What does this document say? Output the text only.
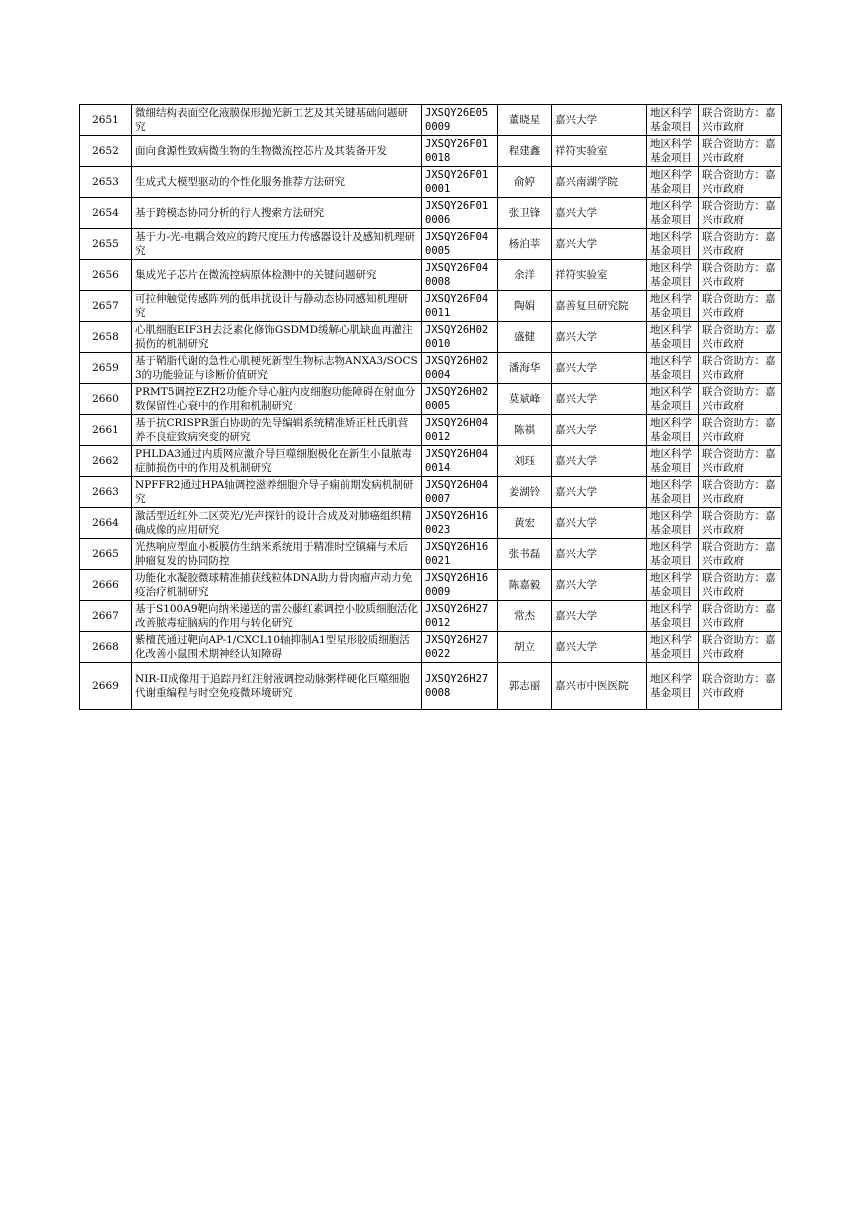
2651	微细结构表面空化液膜保形抛光新工艺及其关键基础问题研究	JXSQY26E050009	董晓星	嘉兴大学	地区科学基金项目	联合资助方：嘉兴市政府
2652	面向食源性致病微生物的生物微流控芯片及其装备开发	JXSQY26F010018	程建鑫	祥符实验室	地区科学基金项目	联合资助方：嘉兴市政府
2653	生成式大模型驱动的个性化服务推荐方法研究	JXSQY26F010001	俞婷	嘉兴南湖学院	地区科学基金项目	联合资助方：嘉兴市政府
2654	基于跨模态协同分析的行人搜索方法研究	JXSQY26F010006	张卫锋	嘉兴大学	地区科学基金项目	联合资助方：嘉兴市政府
2655	基于力-光-电耦合效应的跨尺度压力传感器设计及感知机理研究	JXSQY26F040005	杨泊莘	嘉兴大学	地区科学基金项目	联合资助方：嘉兴市政府
2656	集成光子芯片在微流控病原体检测中的关键问题研究	JXSQY26F040008	余洋	祥符实验室	地区科学基金项目	联合资助方：嘉兴市政府
2657	可拉伸触觉传感阵列的低串扰设计与静动态协同感知机理研究	JXSQY26F040011	陶娟	嘉善复旦研究院	地区科学基金项目	联合资助方：嘉兴市政府
2658	心肌细胞EIF3H去泛素化修饰GSDMD缓解心肌缺血再灌注损伤的机制研究	JXSQY26H020010	盛健	嘉兴大学	地区科学基金项目	联合资助方：嘉兴市政府
2659	基于鞘脂代谢的急性心肌梗死新型生物标志物ANXA3/SOCS3的功能验证与诊断价值研究	JXSQY26H020004	潘海华	嘉兴大学	地区科学基金项目	联合资助方：嘉兴市政府
2660	PRMT5调控EZH2功能介导心脏内皮细胞功能障碍在射血分数保留性心衰中的作用和机制研究	JXSQY26H020005	莫斌峰	嘉兴大学	地区科学基金项目	联合资助方：嘉兴市政府
2661	基于抗CRISPR蛋白协助的先导编辑系统精准矫正杜氏肌营养不良症致病突变的研究	JXSQY26H040012	陈祺	嘉兴大学	地区科学基金项目	联合资助方：嘉兴市政府
2662	PHLDA3通过内质网应激介导巨噬细胞极化在新生小鼠脓毒症肺损伤中的作用及机制研究	JXSQY26H040014	刘珏	嘉兴大学	地区科学基金项目	联合资助方：嘉兴市政府
2663	NPFFR2通过HPA轴调控滋养细胞介导子痫前期发病机制研究	JXSQY26H040007	姜湖铃	嘉兴大学	地区科学基金项目	联合资助方：嘉兴市政府
2664	激活型近红外二区荧光/光声探针的设计合成及对肺癌组织精确成像的应用研究	JXSQY26H160023	黄宏	嘉兴大学	地区科学基金项目	联合资助方：嘉兴市政府
2665	光热响应型血小板膜仿生纳米系统用于精准时空镇痛与术后肿瘤复发的协同防控	JXSQY26H160021	张书磊	嘉兴大学	地区科学基金项目	联合资助方：嘉兴市政府
2666	功能化水凝胶微球精准捕获线粒体DNA助力骨肉瘤声动力免疫治疗机制研究	JXSQY26H160009	陈嘉毅	嘉兴大学	地区科学基金项目	联合资助方：嘉兴市政府
2667	基于S100A9靶向纳米递送的雷公藤红素调控小胶质细胞活化改善脓毒症脑病的作用与转化研究	JXSQY26H270012	常杰	嘉兴大学	地区科学基金项目	联合资助方：嘉兴市政府
2668	紫檀芪通过靶向AP-1/CXCL10轴抑制A1型星形胶质细胞活化改善小鼠围术期神经认知障碍	JXSQY26H270022	胡立	嘉兴大学	地区科学基金项目	联合资助方：嘉兴市政府
2669	NIR-II成像用于追踪丹红注射液调控动脉粥样硬化巨噬细胞代谢重编程与时空免疫微环境研究	JXSQY26H270008	郭志丽	嘉兴市中医医院	地区科学基金项目	联合资助方：嘉兴市政府
